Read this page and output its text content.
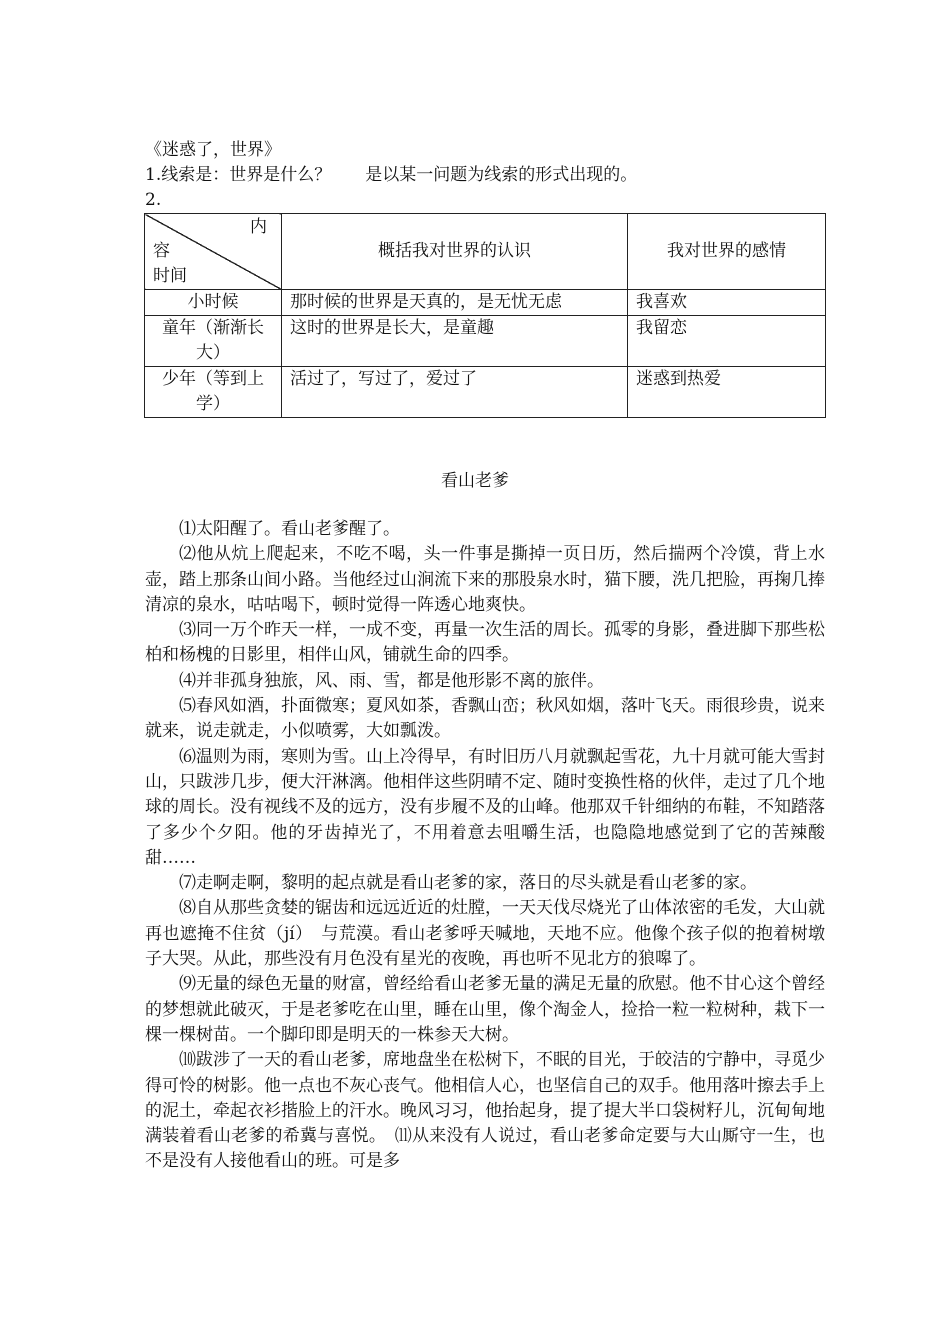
《迷惑了，世界》
1.线索是：世界是什么？ 是以某一问题为线索的形式出现的。
2.
内
容
时间	概括我对世界的认识	我对世界的感情
小时候	那时候的世界是天真的，是无忧无虑	我喜欢
童年（渐渐长大）	这时的世界是长大，是童趣	我留恋
少年（等到上学）	活过了，写过了，爱过了	迷惑到热爱
看山老爹

⑴太阳醒了。看山老爹醒了。

⑵他从炕上爬起来，不吃不喝，头一件事是撕掉一页日历，然后揣两个冷馍，背上水壶，踏上那条山间小路。当他经过山涧流下来的那股泉水时，猫下腰，洗几把脸，再掬几捧清凉的泉水，咕咕喝下，顿时觉得一阵透心地爽快。

⑶同一万个昨天一样，一成不变，再量一次生活的周长。孤零的身影，叠进脚下那些松柏和杨槐的日影里，相伴山风，铺就生命的四季。

⑷并非孤身独旅，风、雨、雪，都是他形影不离的旅伴。

⑸春风如酒，扑面微寒；夏风如茶，香飘山峦；秋风如烟，落叶飞天。雨很珍贵，说来就来，说走就走，小似喷雾，大如瓢泼。

⑹温则为雨，寒则为雪。山上冷得早，有时旧历八月就飘起雪花，九十月就可能大雪封山，只跋涉几步，便大汗淋漓。他相伴这些阴晴不定、随时变换性格的伙伴，走过了几个地球的周长。没有视线不及的远方，没有步履不及的山峰。他那双千针细纳的布鞋，不知踏落了多少个夕阳。他的牙齿掉光了，不用着意去咀嚼生活，也隐隐地感觉到了它的苦辣酸甜……

⑺走啊走啊，黎明的起点就是看山老爹的家，落日的尽头就是看山老爹的家。

⑻自从那些贪婪的锯齿和远远近近的灶膛，一天天伐尽烧光了山体浓密的毛发，大山就再也遮掩不住贫（jí）　与荒漠。看山老爹呼天喊地，天地不应。他像个孩子似的抱着树墩子大哭。从此，那些没有月色没有星光的夜晚，再也听不见北方的狼嗥了。

⑼无量的绿色无量的财富，曾经给看山老爹无量的满足无量的欣慰。他不甘心这个曾经的梦想就此破灭，于是老爹吃在山里，睡在山里，像个淘金人，捡拾一粒一粒树种，栽下一棵一棵树苗。一个脚印即是明天的一株参天大树。

⑽跋涉了一天的看山老爹，席地盘坐在松树下，不眠的目光，于皎洁的宁静中，寻觅少得可怜的树影。他一点也不灰心丧气。他相信人心，也坚信自己的双手。他用落叶擦去手上的泥土，牵起衣衫揩脸上的汗水。晚风习习，他抬起身，提了提大半口袋树籽儿，沉甸甸地满装着看山老爹的希冀与喜悦。　⑾从来没有人说过，看山老爹命定要与大山厮守一生，也不是没有人接他看山的班。可是多
